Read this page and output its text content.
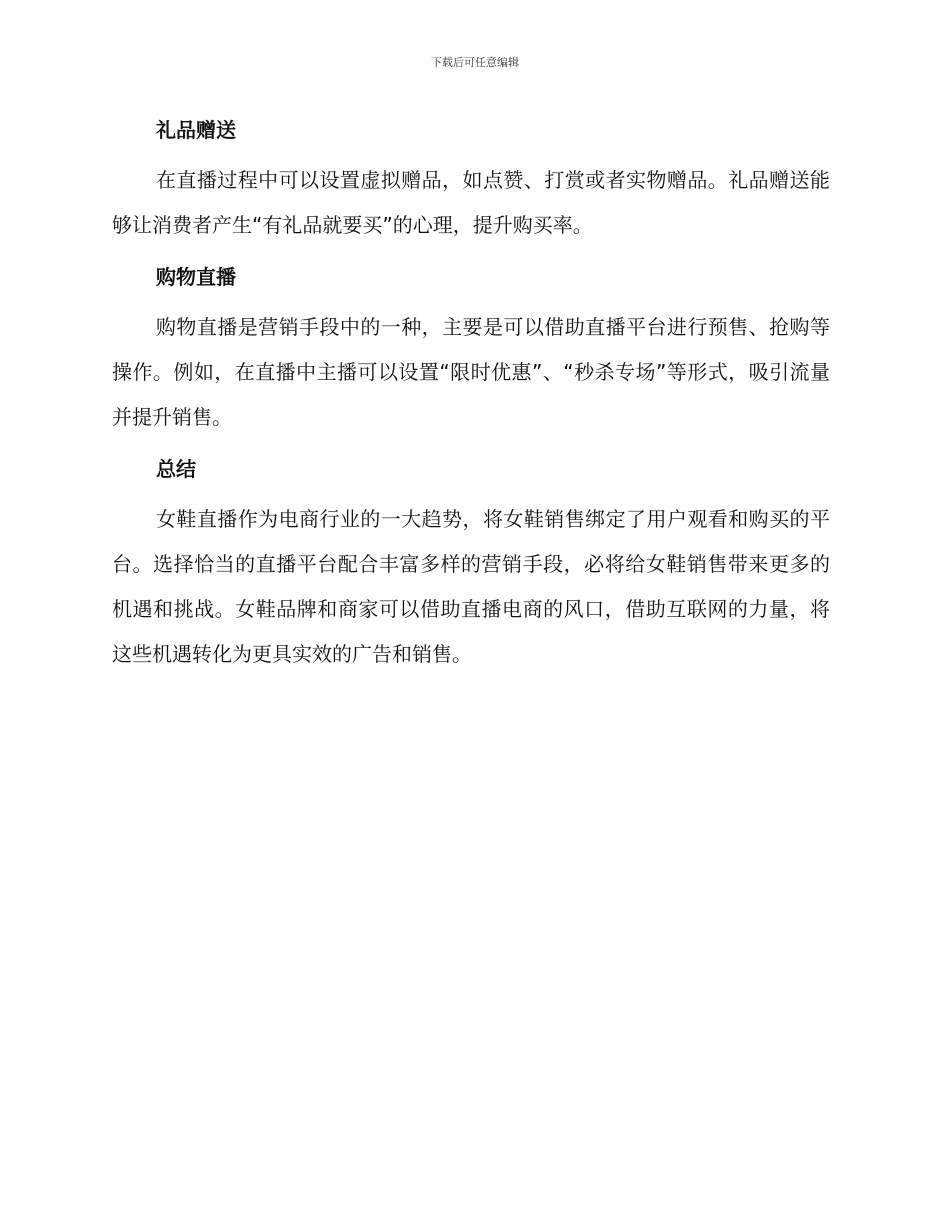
下载后可任意编辑
礼品赠送

在直播过程中可以设置虚拟赠品，如点赞、打赏或者实物赠品。礼品赠送能够让消费者产生“有礼品就要买”的心理，提升购买率。

购物直播

购物直播是营销手段中的一种，主要是可以借助直播平台进行预售、抢购等操作。例如，在直播中主播可以设置“限时优惠”、“秒杀专场”等形式，吸引流量并提升销售。

总结

女鞋直播作为电商行业的一大趋势，将女鞋销售绑定了用户观看和购买的平台。选择恰当的直播平台配合丰富多样的营销手段，必将给女鞋销售带来更多的机遇和挑战。女鞋品牌和商家可以借助直播电商的风口，借助互联网的力量，将这些机遇转化为更具实效的广告和销售。
